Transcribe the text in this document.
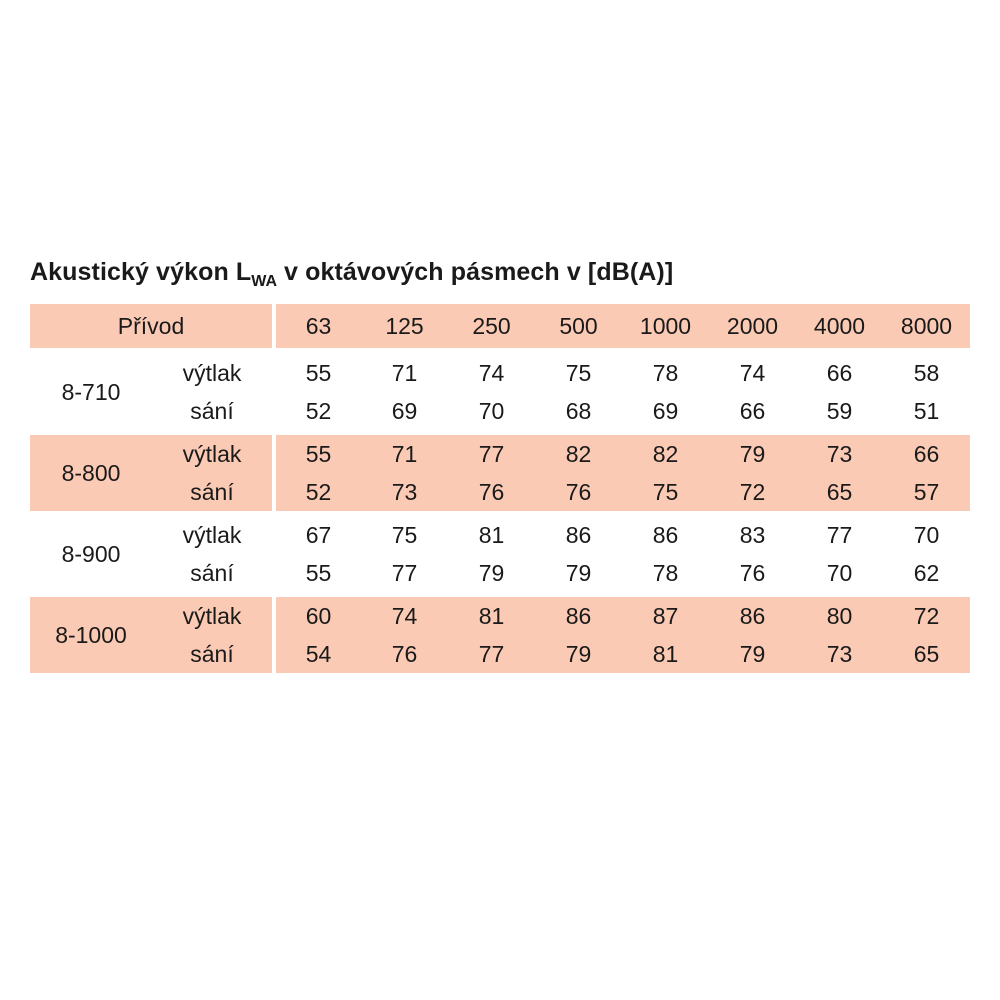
Akustický výkon $L_{WA}$ v oktávových pásmech v [dB(A)]
Přívod		63	125	250	500	1000	2000	4000	8000

8-710	výtlak	55	71	74	75	78	74	66	58
	sání	52	69	70	68	69	66	59	51

8-800	výtlak	55	71	77	82	82	79	73	66
	sání	52	73	76	76	75	72	65	57

8-900	výtlak	67	75	81	86	86	83	77	70
	sání	55	77	79	79	78	76	70	62

8-1000	výtlak	60	74	81	86	87	86	80	72
	sání	54	76	77	79	81	79	73	65
